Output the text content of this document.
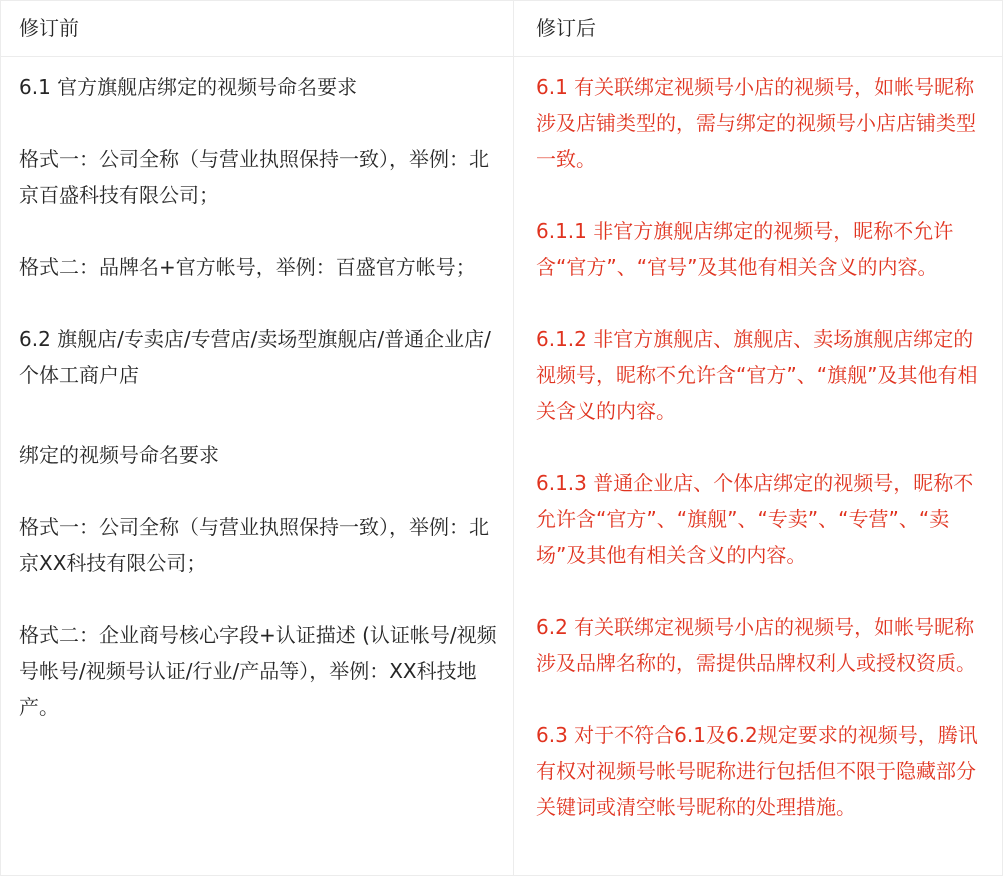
修订前	修订后

6.1 官方旗舰店绑定的视频号命名要求

格式一：公司全称（与营业执照保持一致），举例：北京百盛科技有限公司；

格式二：品牌名+官方帐号，举例：百盛官方帐号；

6.2 旗舰店/专卖店/专营店/卖场型旗舰店/普通企业店/个体工商户店

绑定的视频号命名要求

格式一：公司全称（与营业执照保持一致），举例：北京XX科技有限公司；

格式二：企业商号核心字段+认证描述 (认证帐号/视频号帐号/视频号认证/行业/产品等），举例：XX科技地产。

6.1 有关联绑定视频号小店的视频号，如帐号昵称涉及店铺类型的，需与绑定的视频号小店店铺类型一致。

6.1.1 非官方旗舰店绑定的视频号，昵称不允许含“官方”、“官号”及其他有相关含义的内容。

6.1.2 非官方旗舰店、旗舰店、卖场旗舰店绑定的视频号，昵称不允许含“官方”、“旗舰”及其他有相关含义的内容。

6.1.3 普通企业店、个体店绑定的视频号，昵称不允许含“官方”、“旗舰”、“专卖”、“专营”、“卖场”及其他有相关含义的内容。

6.2 有关联绑定视频号小店的视频号，如帐号昵称涉及品牌名称的，需提供品牌权利人或授权资质。

6.3 对于不符合6.1及6.2规定要求的视频号，腾讯有权对视频号帐号昵称进行包括但不限于隐藏部分关键词或清空帐号昵称的处理措施。
